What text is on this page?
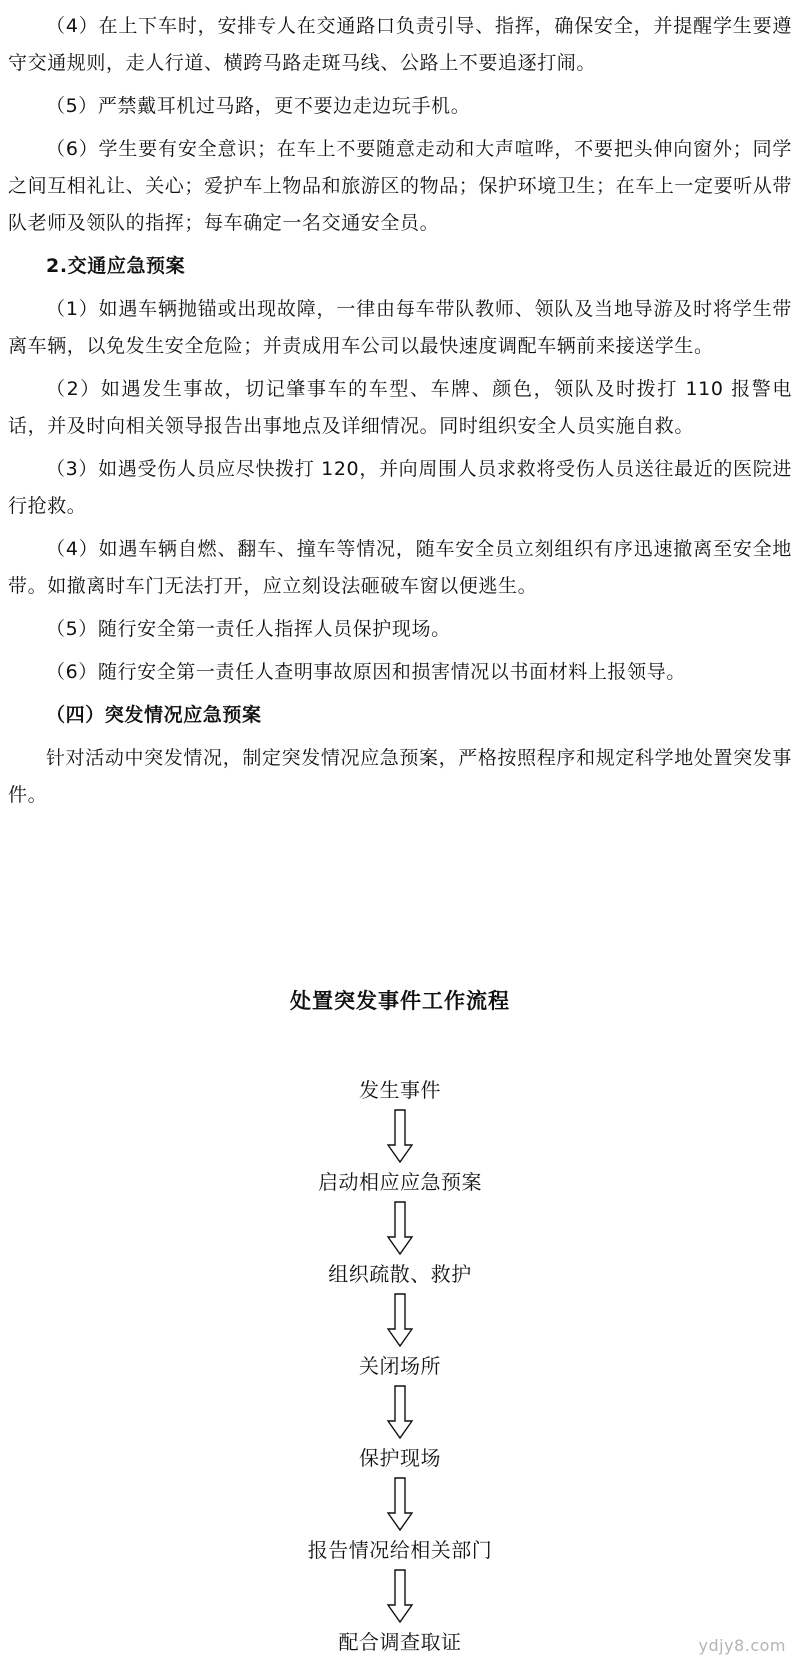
（4）在上下车时，安排专人在交通路口负责引导、指挥，确保安全，并提醒学生要遵守交通规则，走人行道、横跨马路走斑马线、公路上不要追逐打闹。

（5）严禁戴耳机过马路，更不要边走边玩手机。

（6）学生要有安全意识；在车上不要随意走动和大声喧哗，不要把头伸向窗外；同学之间互相礼让、关心；爱护车上物品和旅游区的物品；保护环境卫生；在车上一定要听从带队老师及领队的指挥；每车确定一名交通安全员。

2.交通应急预案

（1）如遇车辆抛锚或出现故障，一律由每车带队教师、领队及当地导游及时将学生带离车辆，以免发生安全危险；并责成用车公司以最快速度调配车辆前来接送学生。

（2）如遇发生事故，切记肇事车的车型、车牌、颜色，领队及时拨打 110 报警电话，并及时向相关领导报告出事地点及详细情况。同时组织安全人员实施自救。

（3）如遇受伤人员应尽快拨打 120，并向周围人员求救将受伤人员送往最近的医院进行抢救。

（4）如遇车辆自燃、翻车、撞车等情况，随车安全员立刻组织有序迅速撤离至安全地带。如撤离时车门无法打开，应立刻设法砸破车窗以便逃生。

（5）随行安全第一责任人指挥人员保护现场。

（6）随行安全第一责任人查明事故原因和损害情况以书面材料上报领导。

（四）突发情况应急预案

针对活动中突发情况，制定突发情况应急预案，严格按照程序和规定科学地处置突发事件。

处置突发事件工作流程
发生事件
启动相应应急预案
组织疏散、救护
关闭场所
保护现场
报告情况给相关部门
配合调查取证	ydjy8.com
